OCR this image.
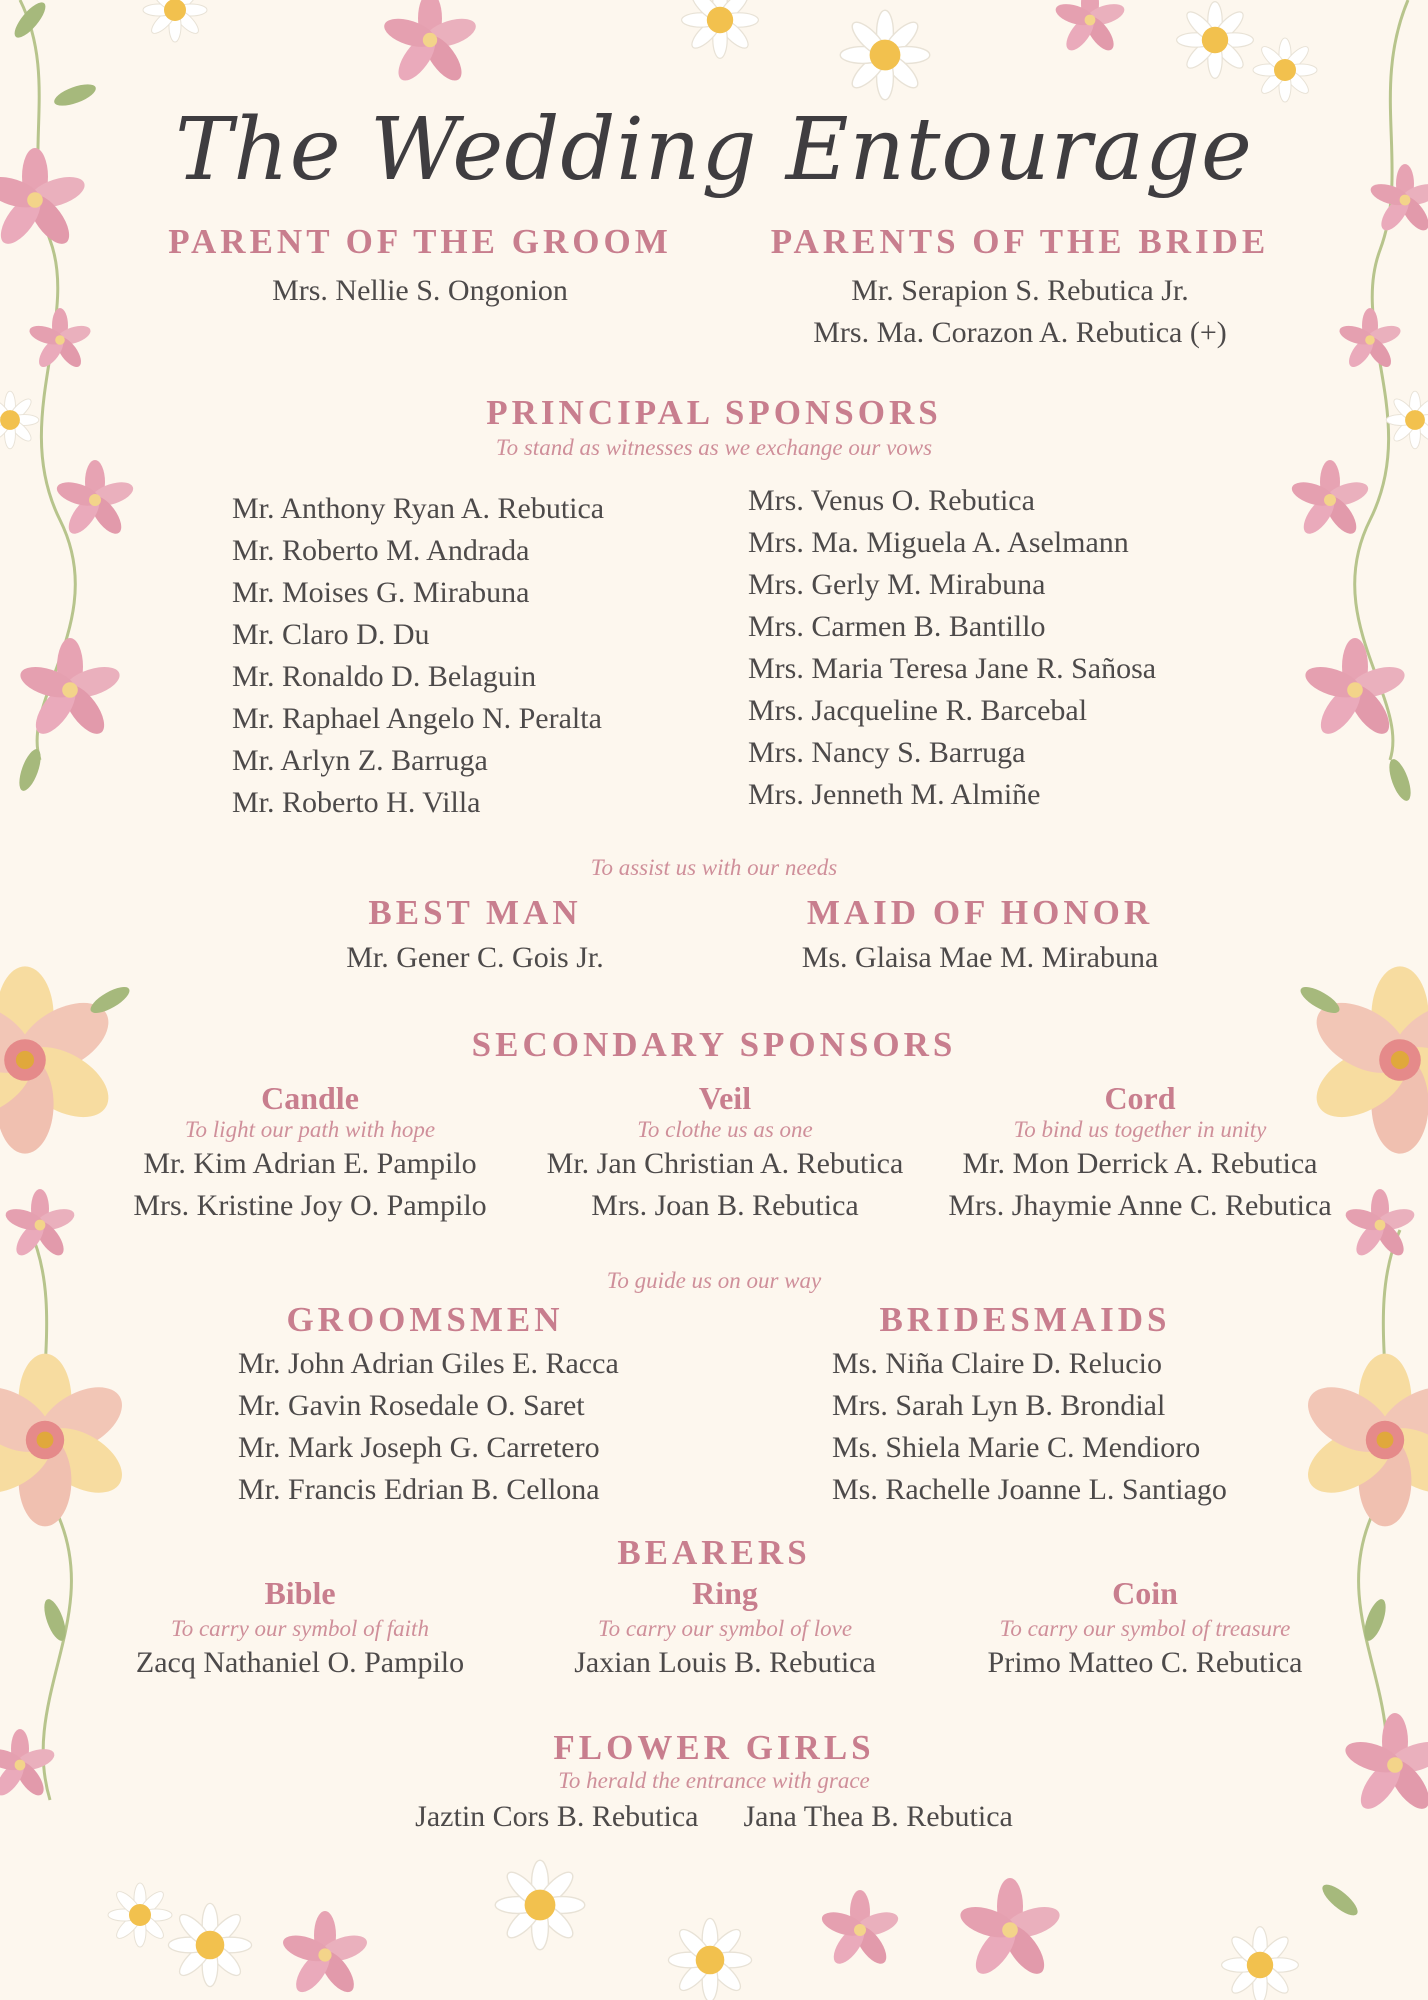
The Wedding Entourage
PARENT OF THE GROOM
Mrs. Nellie S. Ongonion
PARENTS OF THE BRIDE
Mr. Serapion S. Rebutica Jr.
Mrs. Ma. Corazon A. Rebutica (+)
PRINCIPAL SPONSORS
To stand as witnesses as we exchange our vows
Mr. Anthony Ryan A. Rebutica
Mr. Roberto M. Andrada
Mr. Moises G. Mirabuna
Mr. Claro D. Du
Mr. Ronaldo D. Belaguin
Mr. Raphael Angelo N. Peralta
Mr. Arlyn Z. Barruga
Mr. Roberto H. Villa
Mrs. Venus O. Rebutica
Mrs. Ma. Miguela A. Aselmann
Mrs. Gerly M. Mirabuna
Mrs. Carmen B. Bantillo
Mrs. Maria Teresa Jane R. Sañosa
Mrs. Jacqueline R. Barcebal
Mrs. Nancy S. Barruga
Mrs. Jenneth M. Almiñe
To assist us with our needs
BEST MAN
Mr. Gener C. Gois Jr.
MAID OF HONOR
Ms. Glaisa Mae M. Mirabuna
SECONDARY SPONSORS
Candle
To light our path with hope
Mr. Kim Adrian E. Pampilo
Mrs. Kristine Joy O. Pampilo
Veil
To clothe us as one
Mr. Jan Christian A. Rebutica
Mrs. Joan B. Rebutica
Cord
To bind us together in unity
Mr. Mon Derrick A. Rebutica
Mrs. Jhaymie Anne C. Rebutica
To guide us on our way
GROOMSMEN
Mr. John Adrian Giles E. Racca
Mr. Gavin Rosedale O. Saret
Mr. Mark Joseph G. Carretero
Mr. Francis Edrian B. Cellona
BRIDESMAIDS
Ms. Niña Claire D. Relucio
Mrs. Sarah Lyn B. Brondial
Ms. Shiela Marie C. Mendioro
Ms. Rachelle Joanne L. Santiago
BEARERS
Bible
To carry our symbol of faith
Zacq Nathaniel O. Pampilo
Ring
To carry our symbol of love
Jaxian Louis B. Rebutica
Coin
To carry our symbol of treasure
Primo Matteo C. Rebutica
FLOWER GIRLS
To herald the entrance with grace
Jaztin Cors B. Rebutica Jana Thea B. Rebutica
